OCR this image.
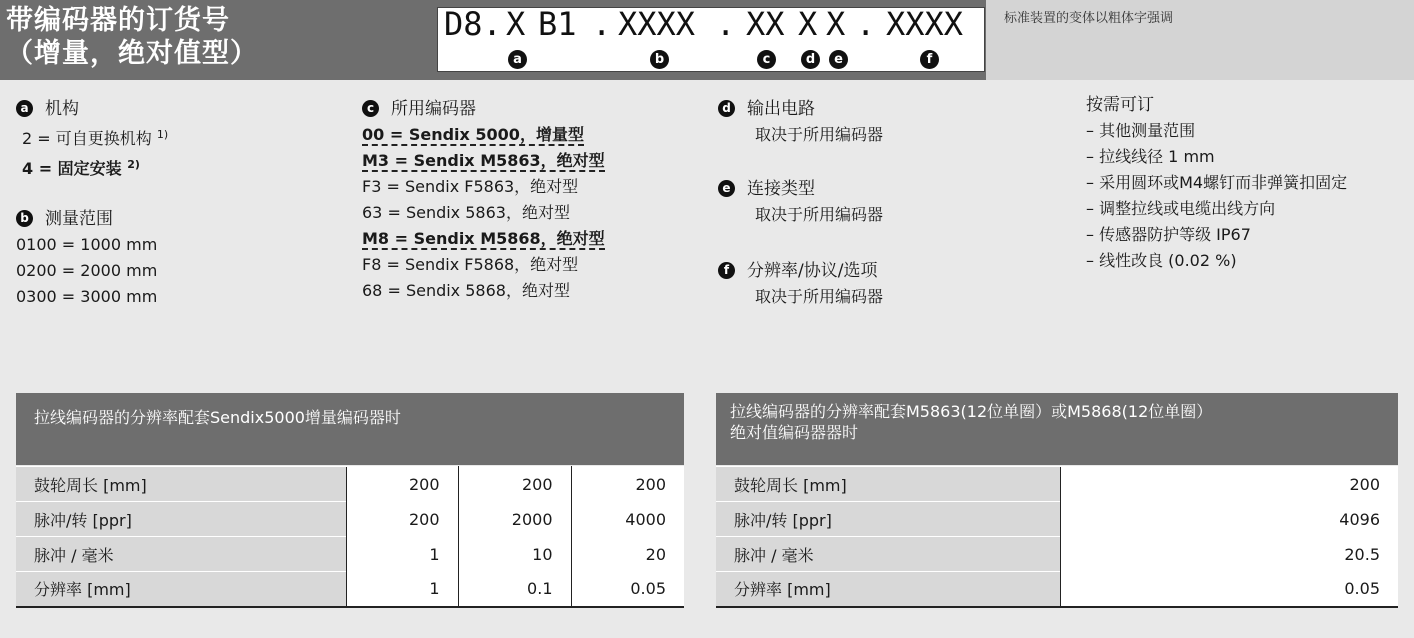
带编码器的订货号
（增量，绝对值型）
D8. X B1 . XXXX . XX X X . XXXX
a	b	c	d	e	f
标准装置的变体以粗体字强调
a 机构
2 = 可自更换机构 $^{1)}$
4 = 固定安装 $^{2)}$
b 测量范围
0100 = 1000 mm
0200 = 2000 mm
0300 = 3000 mm
c 所用编码器
00 = Sendix 5000，增量型
M3 = Sendix M5863，绝对型
F3 = Sendix F5863，绝对型
63 = Sendix 5863，绝对型
M8 = Sendix M5868，绝对型
F8 = Sendix F5868，绝对型
68 = Sendix 5868，绝对型
d 输出电路
取决于所用编码器
e 连接类型
取决于所用编码器
f 分辨率/协议/选项
取决于所用编码器
按需可订
– 其他测量范围
– 拉线线径 1 mm
– 采用圆环或M4螺钉而非弹簧扣固定
– 调整拉线或电缆出线方向
– 传感器防护等级 IP67
– 线性改良 (0.02 %)
拉线编码器的分辨率配套Sendix5000增量编码器时
鼓轮周长 [mm]	200	200	200
脉冲/转 [ppr]	200	2000	4000
脉冲 / 毫米	1	10	20
分辨率 [mm]	1	0.1	0.05
拉线编码器的分辨率配套M5863(12位单圈）或M5868(12位单圈）
绝对值编码器器时
鼓轮周长 [mm]	200
脉冲/转 [ppr]	4096
脉冲 / 毫米	20.5
分辨率 [mm]	0.05
